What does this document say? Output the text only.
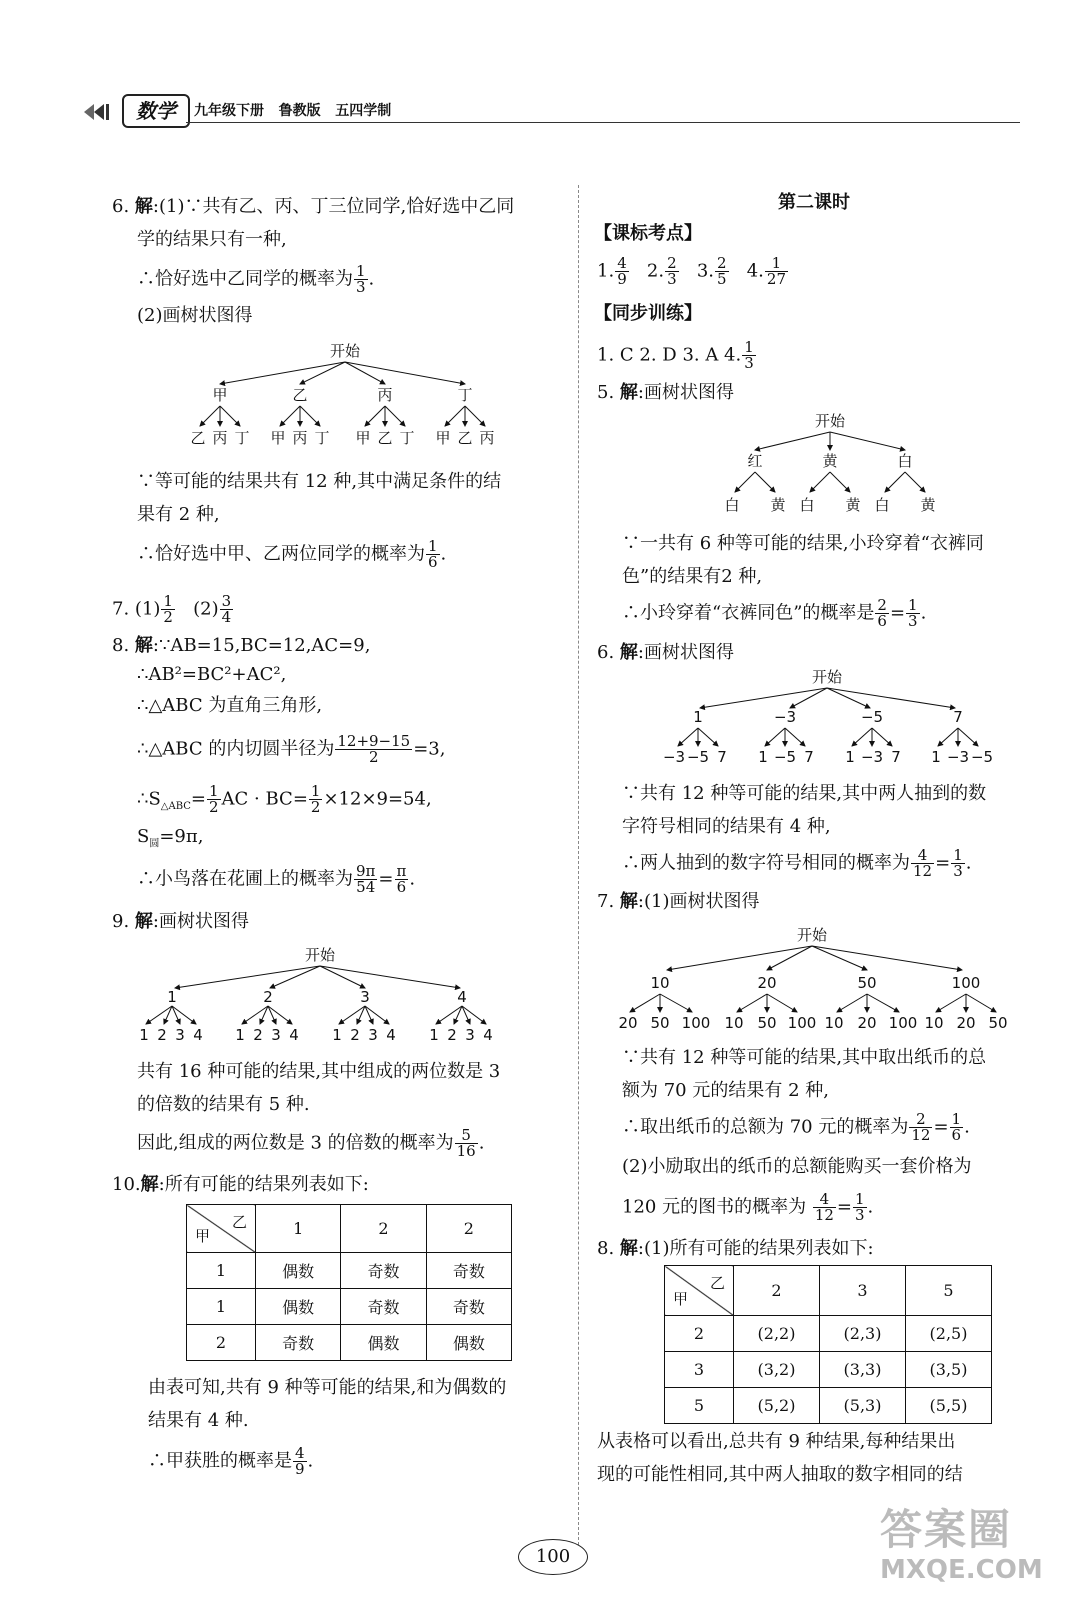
数学	九年级下册 鲁教版 五四学制
6. 解:(1)∵共有乙、丙、丁三位同学,恰好选中乙同
学的结果只有一种,
∴恰好选中乙同学的概率为 $\frac{1}{3}$ .
(2)画树状图得
开始
甲	乙	丙	丁
乙 丙 丁 甲 丙 丁 甲 乙 丁 甲 乙 丙
∵等可能的结果共有 12 种,其中满足条件的结
果有 2 种,
∴恰好选中甲、乙两位同学的概率为 $\frac{1}{6}$ .
7. $(1) \frac{1}{2} (2) \frac{3}{4}$
8. 解:∵AB=15,BC=12,AC=9,
∴AB²=BC²+AC²,
∴△ABC 为直角三角形,
∴△ABC 的内切圆半径为 $\frac{12+9-15}{2} =3$,
$\therefore S_{\triangle ABC}= \frac{1}{2}$ AC · $BC= \frac{1}{2} \times 12\times 9=54$,
$S_圆=9\pi$,
∴小鸟落在花圃上的概率为 $\frac{9\pi}{54} = \frac{\pi}{6}$ .
9. 解:画树状图得
开始
1	2	3	4
1 2 3 4 1 2 3 4 1 2 3 4 1 2 3 4
共有 16 种可能的结果,其中组成的两位数是 3
的倍数的结果有 5 种.
因此,组成的两位数是 3 的倍数的概率为 $\frac{5}{16}$ .
10.解:所有可能的结果列表如下:
乙
甲	1	2	2
1	偶数	奇数	奇数
1	偶数	奇数	奇数
2	奇数	偶数	偶数
由表可知,共有 9 种等可能的结果,和为偶数的
结果有 4 种.
∴甲获胜的概率是 $\frac{4}{9}$ .
第二课时
【课标考点】
1. $\frac{4}{9} 2$. $\frac{2}{3} 3$. $\frac{2}{5} 4$. $\frac{1}{27}$
【同步训练】
1. C 2. D 3. A 4. $\frac{1}{3}$
5. 解:画树状图得
开始
红	黄	白
白 黄 白 黄 白 黄
∵一共有 6 种等可能的结果,小玲穿着“衣裤同
色”的结果有2 种,
∴小玲穿着“衣裤同色”的概率是 $\frac{2}{6} = \frac{1}{3}$ .
6. 解:画树状图得
开始
1	−3	−5	7
−3 −5 7 1 −5 7 1 −3 7 1 −3 −5
∵共有 12 种等可能的结果,其中两人抽到的数
字符号相同的结果有 4 种,
∴两人抽到的数字符号相同的概率为 $\frac{4}{12} = \frac{1}{3}$ .
7. 解:(1)画树状图得
开始
10	20	50	100
20 50 100 10 50 100 10 20 100 10 20 50
∵共有 12 种等可能的结果,其中取出纸币的总
额为 70 元的结果有 2 种,
∴取出纸币的总额为 70 元的概率为 $\frac{2}{12} = \frac{1}{6}$ .
(2)小励取出的纸币的总额能购买一套价格为
120 元的图书的概率为 $\frac{4}{12} = \frac{1}{3}$ .
8. 解:(1)所有可能的结果列表如下:
乙
甲	2	3	5
2	(2,2)	(2,3)	(2,5)
3	(3,2)	(3,3)	(3,5)
5	(5,2)	(5,3)	(5,5)
从表格可以看出,总共有 9 种结果,每种结果出
现的可能性相同,其中两人抽取的数字相同的结
100
答案圈
MXQE.COM
